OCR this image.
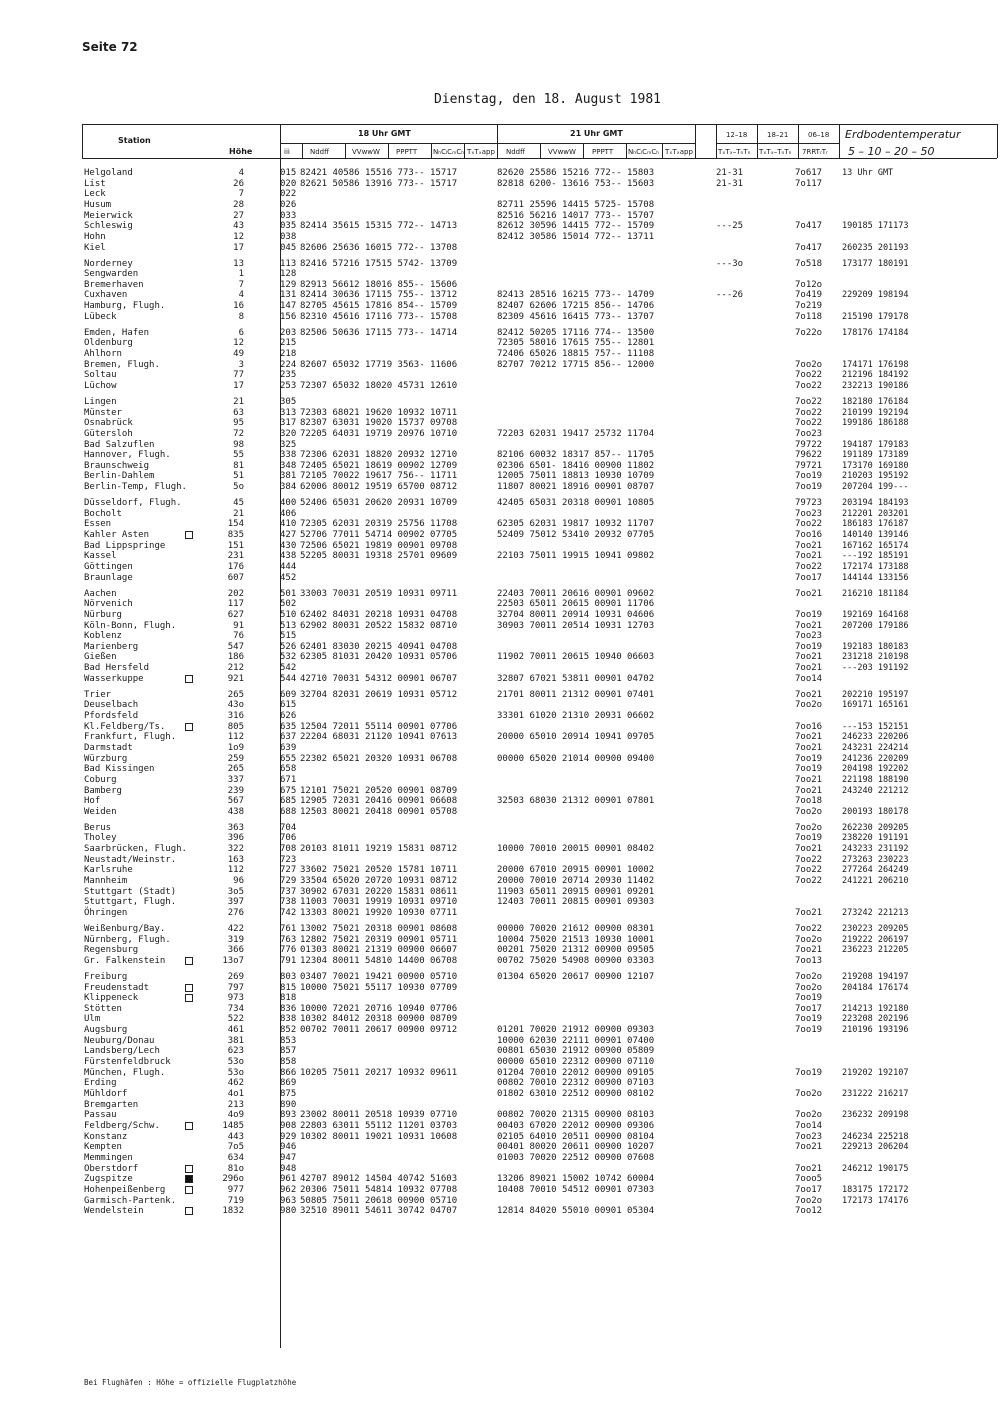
Seite 72
Dienstag, den 18. August 1981
Station
Höhe	iii
18 Uhr GMT	21 Uhr GMT
Nddff	VVwwW PPPTT NₕCₗCₘCₕ TₓTₓapp Nddff	VVwwW PPPTT NₕCₗCₘCₕ TₓTₓapp
12–18	18–21	06–18
TₓTₓ–TₙTₙ TₓTₓ–TₙTₙ 7RRTᵣTᵣ
Erdbodentemperatur
5 – 10 – 20 – 50
Helgoland	4	015 82421 40586 15516 773-- 15717	82620 25586 15216 772-- 15803	21-31	7o617 13 Uhr GMT
List	26	020 82621 50586 13916 773-- 15717	82818 6200- 13616 753-- 15603	21-31	7o117
Leck	7	022
Husum	28	026	82711 25596 14415 5725- 15708
Meierwick	27	033	82516 56216 14017 773-- 15707
Schleswig	43	035 82414 35615 15315 772-- 14713	82612 30596 14415 772-- 15709	---25	7o417 190185 171173
Hohn	12	038	82412 30586 15014 772-- 13711
Kiel	17	045 82606 25636 16015 772-- 13708	7o417 260235 201193
Norderney	13	113 82416 57216 17515 5742- 13709	---3o	7o518 173177 180191
Sengwarden	1	128
Bremerhaven	7	129 82913 56612 18016 855-- 15606	7o12o
Cuxhaven	4	131 82414 30636 17115 755-- 13712	82413 28516 16215 773-- 14709	---26	7o419 229209 198194
Hamburg, Flugh.	16	147 82705 45615 17816 854-- 15709	82407 62606 17215 856-- 14706	7o219
Lübeck	8	156 82310 45616 17116 773-- 15708	82309 45616 16415 773-- 13707	7o118 215190 179178
Emden, Hafen	6	203 82506 50636 17115 773-- 14714	82412 50205 17116 774-- 13500	7o22o 178176 174184
Oldenburg	12	215	72305 58016 17615 755-- 12801
Ahlhorn	49	218	72406 65026 18815 757-- 11108
Bremen, Flugh.	3	224 82607 65032 17719 3563- 11606	82707 70212 17715 856-- 12000	7oo2o 174171 176198
Soltau	77	235	7oo22 212196 184192
Lüchow	17	253 72307 65032 18020 45731 12610	7oo22 232213 190186
Lingen	21	305	7oo22 182180 176184
Münster	63	313 72303 68021 19620 10932 10711	7oo22 210199 192194
Osnabrück	95	317 82307 63031 19020 15737 09708	7oo22 199186 186188
Gütersloh	72	320 72205 64031 19719 20976 10710	72203 62031 19417 25732 11704	7oo23
Bad Salzuflen	98	325	79722 194187 179183
Hannover, Flugh.	55	338 72306 62031 18820 20932 12710	82106 60032 18317 857-- 11705	79622 191189 173189
Braunschweig	81	348 72405 65021 18619 00902 12709	02306 6501- 18416 00900 11802	79721 173170 169180
Berlin-Dahlem	51	381 72105 70022 19617 756-- 11711	12005 75011 18813 10930 10709	7oo19 210203 195192
Berlin-Temp, Flugh.	5o	384 62006 80012 19519 65700 08712	11807 80021 18916 00901 08707	7oo19 207204 199---
Düsseldorf, Flugh.	45	400 52406 65031 20620 20931 10709	42405 65031 20318 00901 10805	79723 203194 184193
Bocholt	21	406	7oo23 212201 203201
Essen	154	410 72305 62031 20319 25756 11708	62305 62031 19817 10932 11707	7oo22 186183 176187
Kahler Asten	835	427 52706 77011 54714 00902 07705	52409 75012 53410 20932 07705	7oo16 140140 139146
Bad Lippspringe	151	430 72506 65021 19819 00901 09708	7oo21 167162 165174
Kassel	231	438 52205 80031 19318 25701 09609	22103 75011 19915 10941 09802	7oo21 ---192 185191
Göttingen	176	444	7oo22 172174 173188
Braunlage	607	452	7oo17 144144 133156
Aachen	202	501 33003 70031 20519 10931 09711	22403 70011 20616 00901 09602	7oo21 216210 181184
Nörvenich	117	502	22503 65011 20615 00901 11706
Nürburg	627	510 62402 84031 20218 10931 04708	32704 80011 20914 10931 04606	7oo19 192169 164168
Köln-Bonn, Flugh.	91	513 62902 80031 20522 15832 08710	30903 70011 20514 10931 12703	7oo21 207200 179186
Koblenz	76	515	7oo23
Marienberg	547	526 62401 83030 20215 40941 04708	7oo19 192183 180183
Gießen	186	532 62305 81031 20420 10931 05706	11902 70011 20615 10940 06603	7oo21 231218 210198
Bad Hersfeld	212	542	7oo21 ---203 191192
Wasserkuppe	921	544 42710 70031 54312 00901 06707	32807 67021 53811 00901 04702	7oo14
Trier	265	609 32704 82031 20619 10931 05712	21701 80011 21312 00901 07401	7oo21 202210 195197
Deuselbach	43o	615	7oo2o 169171 165161
Pfordsfeld	316	626	33301 61020 21310 20931 06602
Kl.Feldberg/Ts.	805	635 12504 72011 55114 00901 07706	7oo16 ---153 152151
Frankfurt, Flugh.	112	637 22204 68031 21120 10941 07613	20000 65010 20914 10941 09705	7oo21 246233 220206
Darmstadt	1o9	639	7oo21 243231 224214
Würzburg	259	655 22302 65021 20320 10931 06708	00000 65020 21014 00900 09400	7oo19 241236 220209
Bad Kissingen	265	658	7oo19 204198 192202
Coburg	337	671	7oo21 221198 188190
Bamberg	239	675 12101 75021 20520 00901 08709	7oo21 243240 221212
Hof	567	685 12905 72031 20416 00901 06608	32503 68030 21312 00901 07801	7oo18
Weiden	438	688 12503 80021 20418 00901 05708	7oo2o 200193 180178
Berus	363	704	7oo2o 262230 209205
Tholey	396	706	7oo19 238220 191191
Saarbrücken, Flugh.	322	708 20103 81011 19219 15831 08712	10000 70010 20015 00901 08402	7oo21 243233 231192
Neustadt/Weinstr.	163	723	7oo22 273263 230223
Karlsruhe	112	727 33602 75021 20520 15781 10711	20000 67010 20915 00901 10002	7oo22 277264 264249
Mannheim	96	729 33504 65020 20720 10931 08712	20000 70010 20714 20930 11402	7oo22 241221 206210
Stuttgart (Stadt)	3o5	737 30902 67031 20220 15831 08611	11903 65011 20915 00901 09201
Stuttgart, Flugh.	397	738 11003 70031 19919 10931 09710	12403 70011 20815 00901 09303
Öhringen	276	742 13303 80021 19920 10930 07711	7oo21 273242 221213
Weißenburg/Bay.	422	761 13002 75021 20318 00901 08608	00000 70020 21612 00900 08301	7oo22 230223 209205
Nürnberg, Flugh.	319	763 12802 75021 20319 00901 05711	10004 75020 21513 10930 10001	7oo2o 219222 206197
Regensburg	366	776 01303 80021 21319 00900 06607	00201 75020 21312 00900 09505	7oo21 236223 212205
Gr. Falkenstein	13o7	791 12304 80011 54810 14400 06708	00702 75020 54908 00900 03303	7oo13
Freiburg	269	803 03407 70021 19421 00900 05710	01304 65020 20617 00900 12107	7oo2o 219208 194197
Freudenstadt	797	815 10000 75021 55117 10930 07709	7oo2o 204184 176174
Klippeneck	973	818	7oo19
Stötten	734	836 10000 72021 20716 10940 07706	7oo17 214213 192180
Ulm	522	838 10302 84012 20318 00900 08709	7oo19 223208 202196
Augsburg	461	852 00702 70011 20617 00900 09712	01201 70020 21912 00900 09303	7oo19 210196 193196
Neuburg/Donau	381	853	10000 62030 22111 00901 07400
Landsberg/Lech	623	857	00801 65030 21912 00900 05809
Fürstenfeldbruck	53o	858	00000 65010 22312 00900 07110
München, Flugh.	53o	866 10205 75011 20217 10932 09611	01204 70010 22012 00900 09105	7oo19 219202 192107
Erding	462	869	00802 70010 22312 00900 07103
Mühldorf	4o1	875	01802 63010 22512 00900 08102	7oo2o 231222 216217
Bremgarten	213	890
Passau	4o9	893 23002 80011 20518 10939 07710	00802 70020 21315 00900 08103	7oo2o 236232 209198
Feldberg/Schw.	1485	908 22803 63011 55112 11201 03703	00403 67020 22012 00900 09306	7oo14
Konstanz	443	929 10302 80011 19021 10931 10608	02105 64010 20511 00900 08104	7oo23 246234 225218
Kempten	7o5	946	00401 80020 20611 00900 10207	7oo21 229213 206204
Memmingen	634	947	01003 70020 22512 00900 07608
Oberstdorf	81o	948	7oo21 246212 190175
Zugspitze	296o	961 42707 89012 14504 40742 51603	13206 89021 15002 10742 60004	7ooo5
Hohenpeißenberg	977	962 20306 75011 54814 10932 07708	10408 70010 54512 00901 07303	7oo17 183175 172172
Garmisch-Partenk.	719	963 50805 75011 20618 00900 05710	7oo2o 172173 174176
Wendelstein	1832	980 32510 89011 54611 30742 04707	12814 84020 55010 00901 05304	7oo12
Bei Flughäfen : Höhe = offizielle Flugplatzhöhe
